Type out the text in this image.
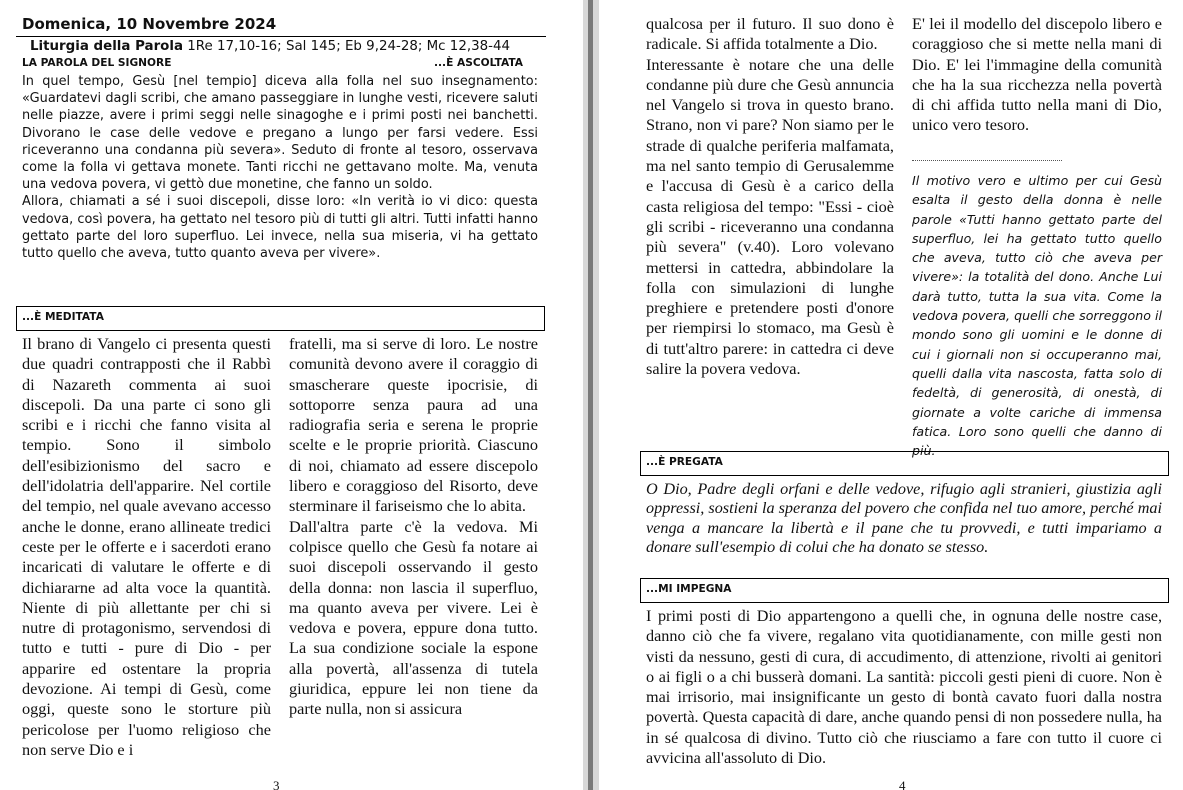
Domenica, 10 Novembre 2024
Liturgia della Parola 1Re 17,10-16; Sal 145; Eb 9,24-28; Mc 12,38-44
LA PAROLA DEL SIGNORE	...È ASCOLTATA

In quel tempo, Gesù [nel tempio] diceva alla folla nel suo insegnamento: «Guardatevi dagli scribi, che amano passeggiare in lunghe vesti, ricevere saluti nelle piazze, avere i primi seggi nelle sinagoghe e i primi posti nei banchetti. Divorano le case delle vedove e pregano a lungo per farsi vedere. Essi riceveranno una condanna più severa». Seduto di fronte al tesoro, osservava come la folla vi gettava monete. Tanti ricchi ne gettavano molte. Ma, venuta una vedova povera, vi gettò due monetine, che fanno un soldo.

Allora, chiamati a sé i suoi discepoli, disse loro: «In verità io vi dico: questa vedova, così povera, ha gettato nel tesoro più di tutti gli altri. Tutti infatti hanno gettato parte del loro superfluo. Lei invece, nella sua miseria, vi ha gettato tutto quello che aveva, tutto quanto aveva per vivere».

...È MEDITATA

Il brano di Vangelo ci presenta questi due quadri contrapposti che il Rabbì di Nazareth commenta ai suoi discepoli. Da una parte ci sono gli scribi e i ricchi che fanno visita al tempio. Sono il simbolo dell'esibizionismo del sacro e dell'idolatria dell'apparire. Nel cortile del tempio, nel quale avevano accesso anche le donne, erano allineate tredici ceste per le offerte e i sacerdoti erano incaricati di valutare le offerte e di dichiararne ad alta voce la quantità. Niente di più allettante per chi si nutre di protagonismo, servendosi di tutto e tutti - pure di Dio - per apparire ed ostentare la propria devozione. Ai tempi di Gesù, come oggi, queste sono le storture più pericolose per l'uomo religioso che non serve Dio e i

fratelli, ma si serve di loro. Le nostre comunità devono avere il coraggio di smascherare queste ipocrisie, di sottoporre senza paura ad una radiografia seria e serena le proprie scelte e le proprie priorità. Ciascuno di noi, chiamato ad essere discepolo libero e coraggioso del Risorto, deve sterminare il fariseismo che lo abita.

Dall'altra parte c'è la vedova. Mi colpisce quello che Gesù fa notare ai suoi discepoli osservando il gesto della donna: non lascia il superfluo, ma quanto aveva per vivere. Lei è vedova e povera, eppure dona tutto. La sua condizione sociale la espone alla povertà, all'assenza di tutela giuridica, eppure lei non tiene da parte nulla, non si assicura

3

qualcosa per il futuro. Il suo dono è radicale. Si affida totalmente a Dio.

Interessante è notare che una delle condanne più dure che Gesù annuncia nel Vangelo si trova in questo brano. Strano, non vi pare? Non siamo per le strade di qualche periferia malfamata, ma nel santo tempio di Gerusalemme e l'accusa di Gesù è a carico della casta religiosa del tempo: "Essi - cioè gli scribi - riceveranno una condanna più severa" (v.40). Loro volevano mettersi in cattedra, abbindolare la folla con simulazioni di lunghe preghiere e pretendere posti d'onore per riempirsi lo stomaco, ma Gesù è di tutt'altro parere: in cattedra ci deve salire la povera vedova.

E' lei il modello del discepolo libero e coraggioso che si mette nella mani di Dio. E' lei l'immagine della comunità che ha la sua ricchezza nella povertà di chi affida tutto nella mani di Dio, unico vero tesoro.

Il motivo vero e ultimo per cui Gesù esalta il gesto della donna è nelle parole «Tutti hanno gettato parte del superfluo, lei ha gettato tutto quello che aveva, tutto ciò che aveva per vivere»: la totalità del dono. Anche Lui darà tutto, tutta la sua vita. Come la vedova povera, quelli che sorreggono il mondo sono gli uomini e le donne di cui i giornali non si occuperanno mai, quelli dalla vita nascosta, fatta solo di fedeltà, di generosità, di onestà, di giornate a volte cariche di immensa fatica. Loro sono quelli che danno di più.
...È PREGATA
O Dio, Padre degli orfani e delle vedove, rifugio agli stranieri, giustizia agli oppressi, sostieni la speranza del povero che confida nel tuo amore, perché mai venga a mancare la libertà e il pane che tu provvedi, e tutti impariamo a donare sull'esempio di colui che ha donato se stesso.
...MI IMPEGNA
I primi posti di Dio appartengono a quelli che, in ognuna delle nostre case, danno ciò che fa vivere, regalano vita quotidianamente, con mille gesti non visti da nessuno, gesti di cura, di accudimento, di attenzione, rivolti ai genitori o ai figli o a chi busserà domani. La santità: piccoli gesti pieni di cuore. Non è mai irrisorio, mai insignificante un gesto di bontà cavato fuori dalla nostra povertà. Questa capacità di dare, anche quando pensi di non possedere nulla, ha in sé qualcosa di divino. Tutto ciò che riusciamo a fare con tutto il cuore ci avvicina all'assoluto di Dio.
4
